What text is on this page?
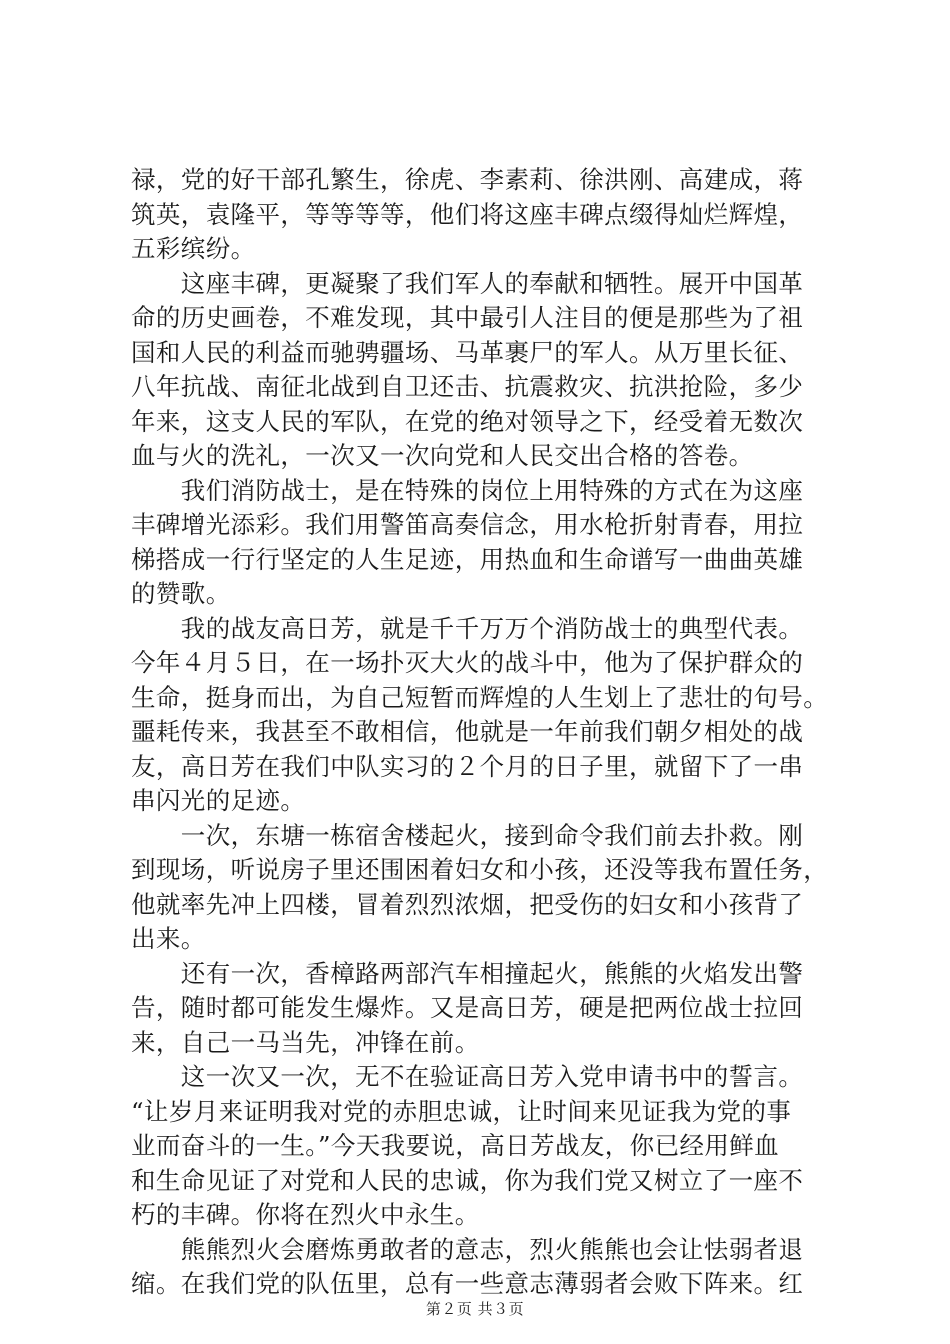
禄，党的好干部孔繁生，徐虎、李素莉、徐洪刚、高建成，蒋
筑英，袁隆平，等等等等，他们将这座丰碑点缀得灿烂辉煌，
五彩缤纷。
　　这座丰碑，更凝聚了我们军人的奉献和牺牲。展开中国革
命的历史画卷，不难发现，其中最引人注目的便是那些为了祖
国和人民的利益而驰骋疆场、马革裹尸的军人。从万里长征、
八年抗战、南征北战到自卫还击、抗震救灾、抗洪抢险，多少
年来，这支人民的军队，在党的绝对领导之下，经受着无数次
血与火的洗礼，一次又一次向党和人民交出合格的答卷。
　　我们消防战士，是在特殊的岗位上用特殊的方式在为这座
丰碑增光添彩。我们用警笛高奏信念，用水枪折射青春，用拉
梯搭成一行行坚定的人生足迹，用热血和生命谱写一曲曲英雄
的赞歌。
　　我的战友高日芳，就是千千万万个消防战士的典型代表。
今年４月５日，在一场扑灭大火的战斗中，他为了保护群众的
生命，挺身而出，为自己短暂而辉煌的人生划上了悲壮的句号。
噩耗传来，我甚至不敢相信，他就是一年前我们朝夕相处的战
友，高日芳在我们中队实习的２个月的日子里，就留下了一串
串闪光的足迹。
　　一次，东塘一栋宿舍楼起火，接到命令我们前去扑救。刚
到现场，听说房子里还围困着妇女和小孩，还没等我布置任务，
他就率先冲上四楼，冒着烈烈浓烟，把受伤的妇女和小孩背了
出来。
　　还有一次，香樟路两部汽车相撞起火，熊熊的火焰发出警
告，随时都可能发生爆炸。又是高日芳，硬是把两位战士拉回
来，自己一马当先，冲锋在前。
　　这一次又一次，无不在验证高日芳入党申请书中的誓言。
“让岁月来证明我对党的赤胆忠诚，让时间来见证我为党的事
业而奋斗的一生。”今天我要说，高日芳战友，你已经用鲜血
和生命见证了对党和人民的忠诚，你为我们党又树立了一座不
朽的丰碑。你将在烈火中永生。
　　熊熊烈火会磨炼勇敢者的意志，烈火熊熊也会让怯弱者退
缩。在我们党的队伍里，总有一些意志薄弱者会败下阵来。红
第２页 共３页
